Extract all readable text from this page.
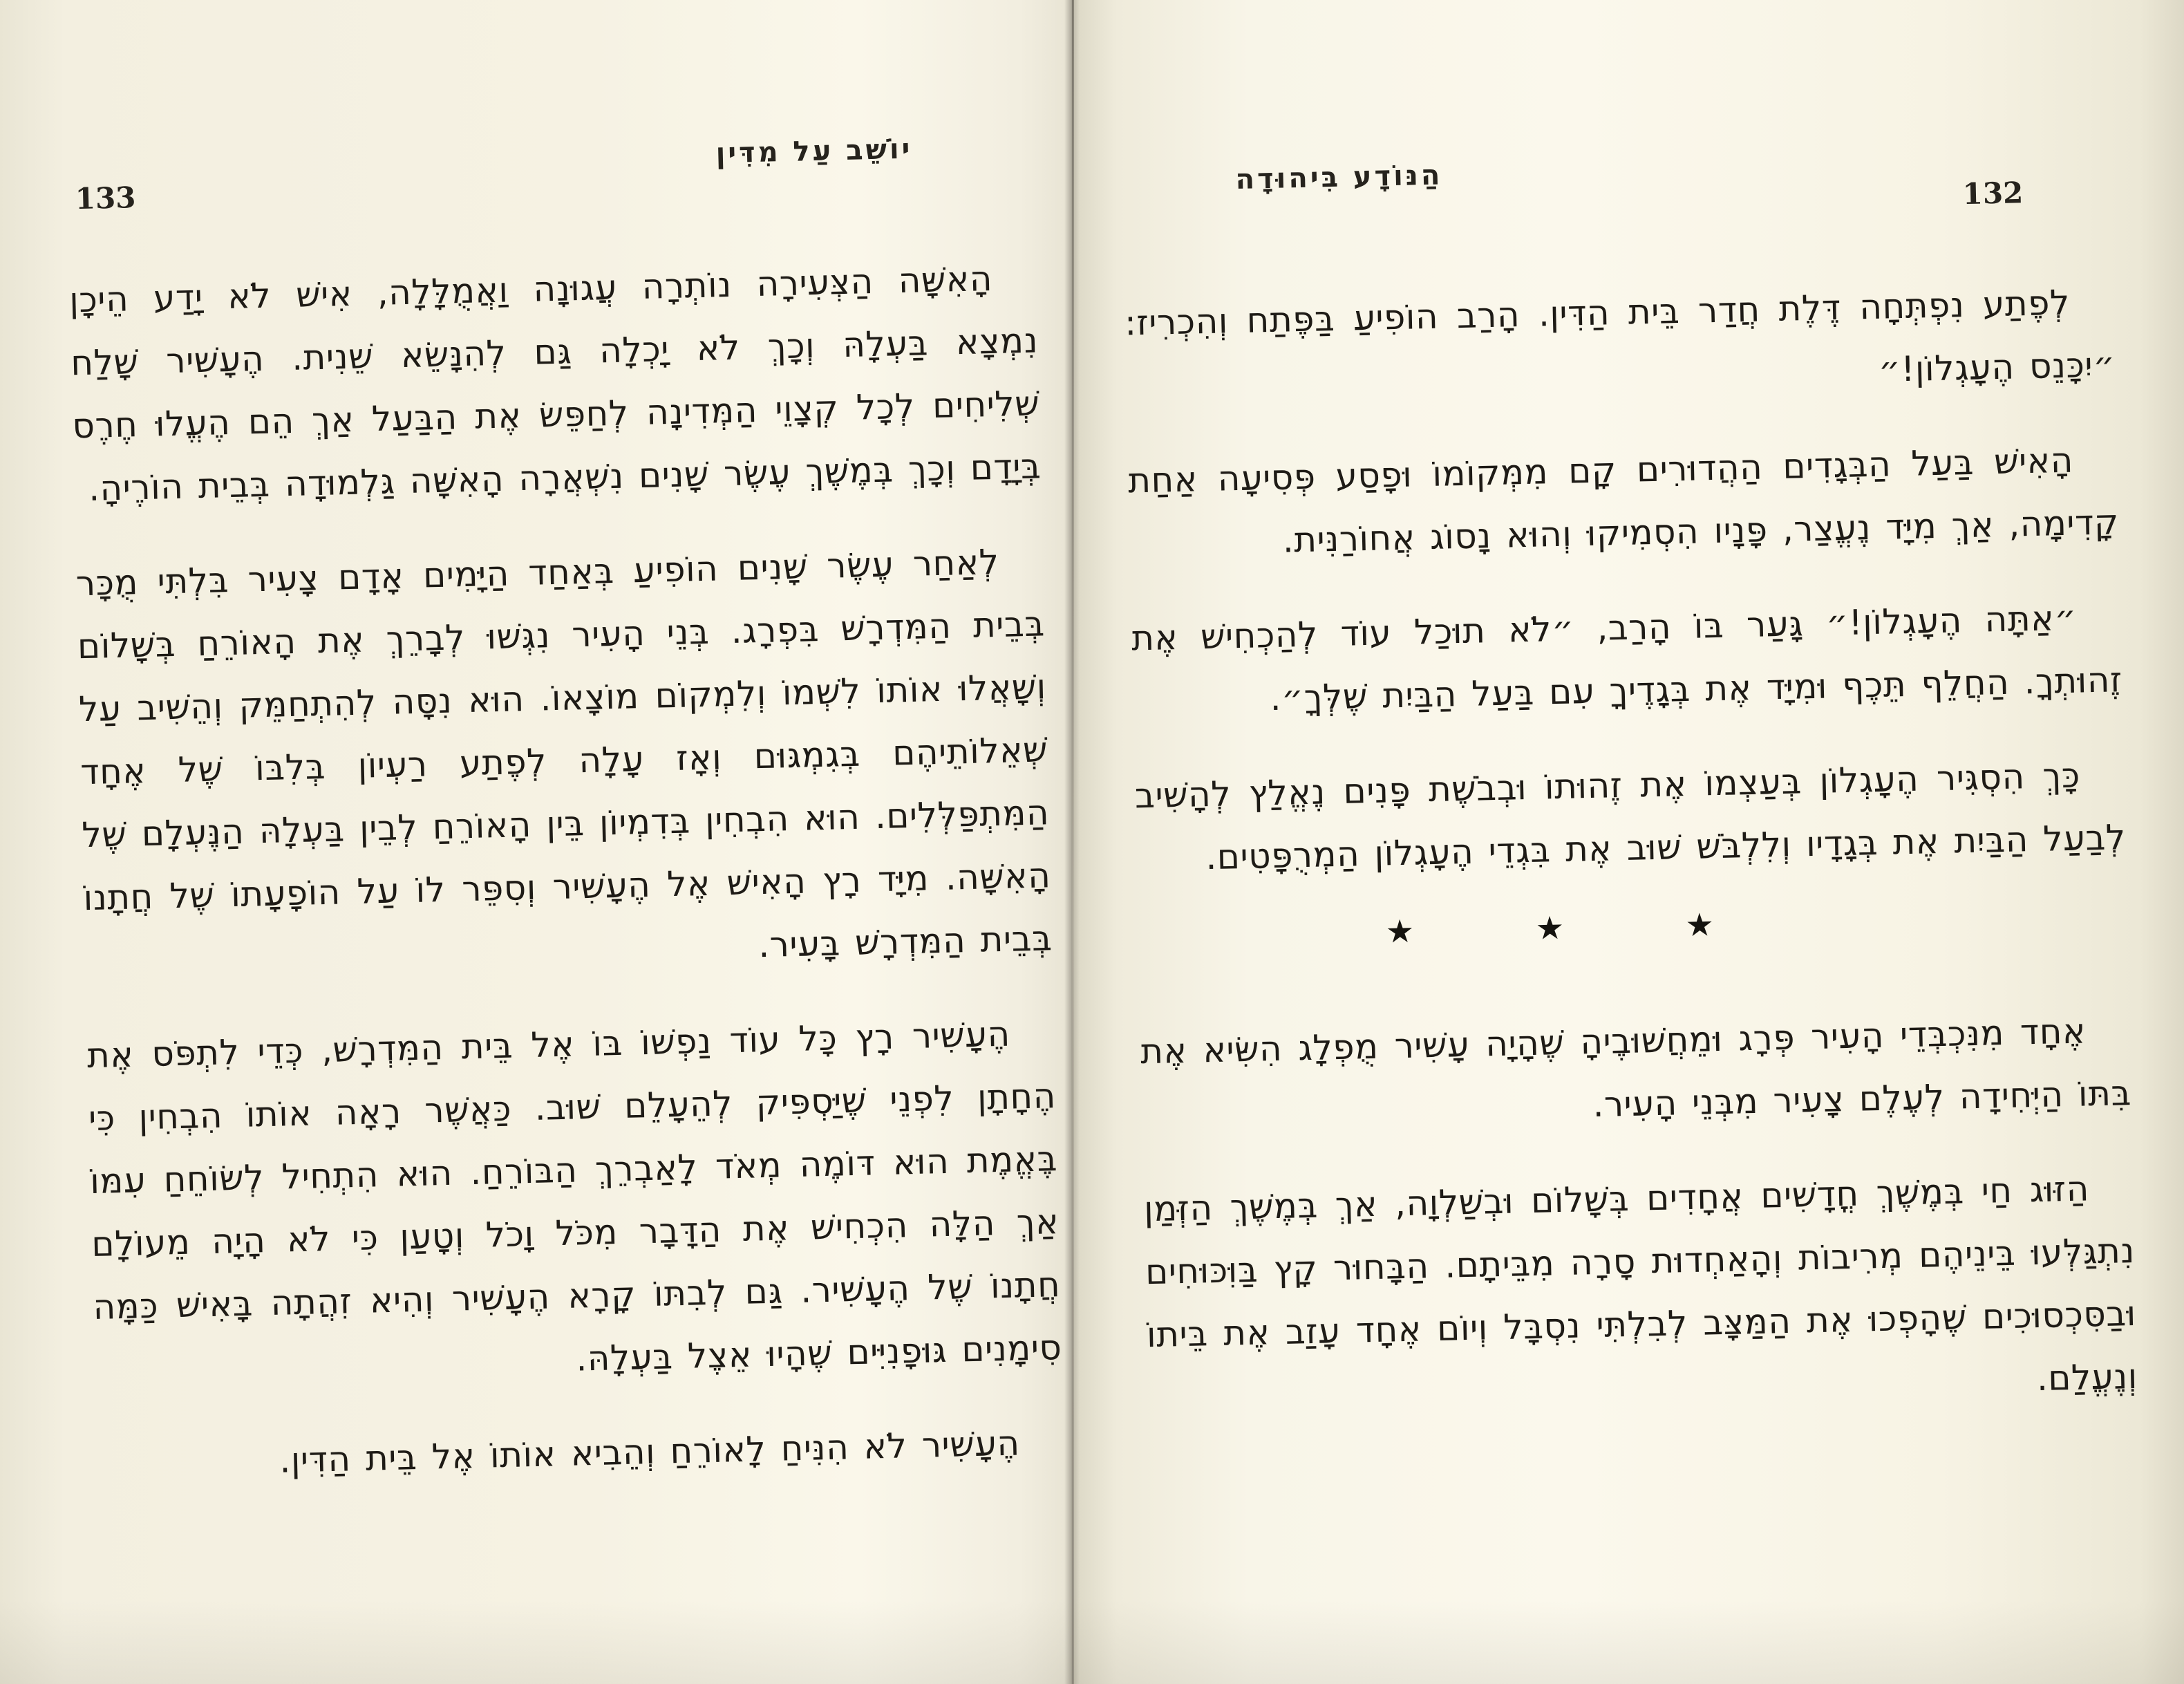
133
יוֹשֵׁב עַל מִדִּין

הָאִשָּׁה הַצְּעִירָה נוֹתְרָה עֲגוּנָה וַאֲמֻלָּלָה, אִישׁ לֹא יָדַע הֵיכָן נִמְצָא בַּעְלָהּ וְכָךְ לֹא יָכְלָה גַּם לְהִנָּשֵׂא שֵׁנִית. הֶעָשִׁיר שָׁלַח שְׁלִיחִים לְכָל קְצָוֵי הַמְּדִינָה לְחַפֵּשׂ אֶת הַבַּעַל אַךְ הֵם הֶעֱלוּ חֶרֶס בְּיָדָם וְכָךְ בְּמֶשֶׁךְ עֶשֶׂר שָׁנִים נִשְׁאֲרָה הָאִשָּׁה גַּלְמוּדָה בְּבֵית הוֹרֶיהָ.

לְאַחַר עֶשֶׂר שָׁנִים הוֹפִיעַ בְּאַחַד הַיָּמִים אָדָם צָעִיר בִּלְתִּי מֻכָּר בְּבֵית הַמִּדְרָשׁ בִּפְרָג. בְּנֵי הָעִיר נִגְּשׁוּ לְבָרֵךְ אֶת הָאוֹרֵחַ בְּשָׁלוֹם וְשָׁאֲלוּ אוֹתוֹ לִשְׁמוֹ וְלִמְקוֹם מוֹצָאוֹ. הוּא נִסָּה לְהִתְחַמֵּק וְהֵשִׁיב עַל שְׁאֵלוֹתֵיהֶם בְּגִמְגּוּם וְאָז עָלָה לְפֶתַע רַעְיוֹן בְּלִבּוֹ שֶׁל אֶחָד הַמִּתְפַּלְּלִים. הוּא הִבְחִין בְּדִמְיוֹן בֵּין הָאוֹרֵחַ לְבֵין בַּעְלָהּ הַנֶּעְלָם שֶׁל הָאִשָּׁה. מִיָּד רָץ הָאִישׁ אֶל הֶעָשִׁיר וְסִפֵּר לוֹ עַל הוֹפָעָתוֹ שֶׁל חֲתָנוֹ בְּבֵית הַמִּדְרָשׁ בָּעִיר.

הֶעָשִׁיר רָץ כָּל עוֹד נַפְשׁוֹ בּוֹ אֶל בֵּית הַמִּדְרָשׁ, כְּדֵי לִתְפֹּס אֶת הֶחָתָן לִפְנֵי שֶׁיַּסְפִּיק לְהֵעָלֵם שׁוּב. כַּאֲשֶׁר רָאָה אוֹתוֹ הִבְחִין כִּי בֶּאֱמֶת הוּא דּוֹמֶה מְאֹד לָאַבְרֵךְ הַבּוֹרֵחַ. הוּא הִתְחִיל לְשׂוֹחֵחַ עִמּוֹ אַךְ הַלָּה הִכְחִישׁ אֶת הַדָּבָר מִכֹּל וָכֹל וְטָעַן כִּי לֹא הָיָה מֵעוֹלָם חֲתָנוֹ שֶׁל הֶעָשִׁיר. גַּם לְבִתּוֹ קָרָא הֶעָשִׁיר וְהִיא זִהֲתָה בָּאִישׁ כַּמָּה סִימָנִים גּוּפָנִיִּים שֶׁהָיוּ אֵצֶל בַּעְלָהּ.

הֶעָשִׁיר לֹא הִנִּיחַ לָאוֹרֵחַ וְהֵבִיא אוֹתוֹ אֶל בֵּית הַדִּין.

132
הַנּוֹדָע בִּיהוּדָה

לְפֶתַע נִפְתְּחָה דֶּלֶת חֲדַר בֵּית הַדִּין. הָרַב הוֹפִיעַ בַּפֶּתַח וְהִכְרִיז: ״יִכָּנֵס הֶעָגְלוֹן!״

הָאִישׁ בַּעַל הַבְּגָדִים הַהֲדוּרִים קָם מִמְּקוֹמוֹ וּפָסַע פְּסִיעָה אַחַת קָדִימָה, אַךְ מִיָּד נֶעֱצַר, פָּנָיו הִסְמִיקוּ וְהוּא נָסוֹג אֲחוֹרַנִּית.

״אַתָּה הֶעָגְלוֹן!״ גָּעַר בּוֹ הָרַב, ״לֹא תוּכַל עוֹד לְהַכְחִישׁ אֶת זֶהוּתְךָ. הַחֲלֵף תֵּכֶף וּמִיָּד אֶת בְּגָדֶיךָ עִם בַּעַל הַבַּיִת שֶׁלְּךָ״.

כָּךְ הִסְגִּיר הֶעָגְלוֹן בְּעַצְמוֹ אֶת זֶהוּתוֹ וּבְבֹשֶׁת פָּנִים נֶאֱלַץ לְהָשִׁיב לְבַעַל הַבַּיִת אֶת בְּגָדָיו וְלִלְבֹּשׁ שׁוּב אֶת בִּגְדֵי הֶעָגְלוֹן הַמְרֻפָּטִים.

★ ★ ★

אֶחָד מִנִּכְבְּדֵי הָעִיר פְּרָג וּמֵחֲשׁוּבֶיהָ שֶׁהָיָה עָשִׁיר מֻפְלָג הִשִּׂיא אֶת בִּתּוֹ הַיְּחִידָה לְעֶלֶם צָעִיר מִבְּנֵי הָעִיר.

הַזּוּג חַי בְּמֶשֶׁךְ חֳדָשִׁים אֲחָדִים בְּשָׁלוֹם וּבְשַׁלְוָה, אַךְ בְּמֶשֶׁךְ הַזְּמַן נִתְגַּלְּעוּ בֵּינֵיהֶם מְרִיבוֹת וְהָאַחְדוּת סָרָה מִבֵּיתָם. הַבָּחוּר קָץ בַּוִּכּוּחִים וּבַסִּכְסוּכִים שֶׁהָפְכוּ אֶת הַמַּצָּב לְבִלְתִּי נִסְבָּל וְיוֹם אֶחָד עָזַב אֶת בֵּיתוֹ וְנֶעֱלַם.
